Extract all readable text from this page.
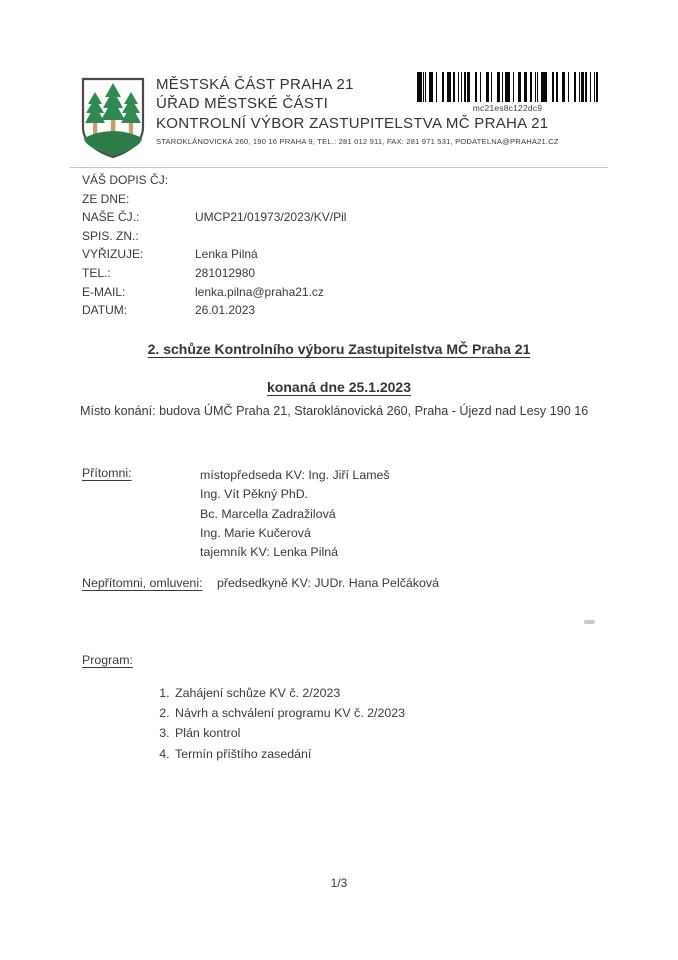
MĚSTSKÁ ČÁST PRAHA 21
ÚŘAD MĚSTSKÉ ČÁSTI
KONTROLNÍ VÝBOR ZASTUPITELSTVA MČ PRAHA 21
STAROKLÁNOVICKÁ 260, 190 16 PRAHA 9, TEL.: 281 012 911, FAX: 281 971 531, PODATELNA@PRAHA21.CZ
mc21es8c122dc9
VÁŠ DOPIS ČJ:
ZE DNE:
NAŠE ČJ.:	UMCP21/01973/2023/KV/Pil
SPIS. ZN.:
VYŘIZUJE:	Lenka Pilná
TEL.:	281012980
E-MAIL:	lenka.pilna@praha21.cz
DATUM:	26.01.2023
2. schůze Kontrolního výboru Zastupitelstva MČ Praha 21
konaná dne 25.1.2023
Místo konání: budova ÚMČ Praha 21, Staroklánovická 260, Praha - Újezd nad Lesy 190 16
Přítomni:	místopředseda KV: Ing. Jiří Lameš
Ing. Vít Pěkný PhD.
Bc. Marcella Zadražilová
Ing. Marie Kučerová
tajemník KV: Lenka Pilná
Nepřítomni, omluveni: předsedkyně KV: JUDr. Hana Pelčáková
Program:
1. Zahájení schůze KV č. 2/2023
2. Návrh a schválení programu KV č. 2/2023
3. Plán kontrol
4. Termín příštího zasedání
1/3
